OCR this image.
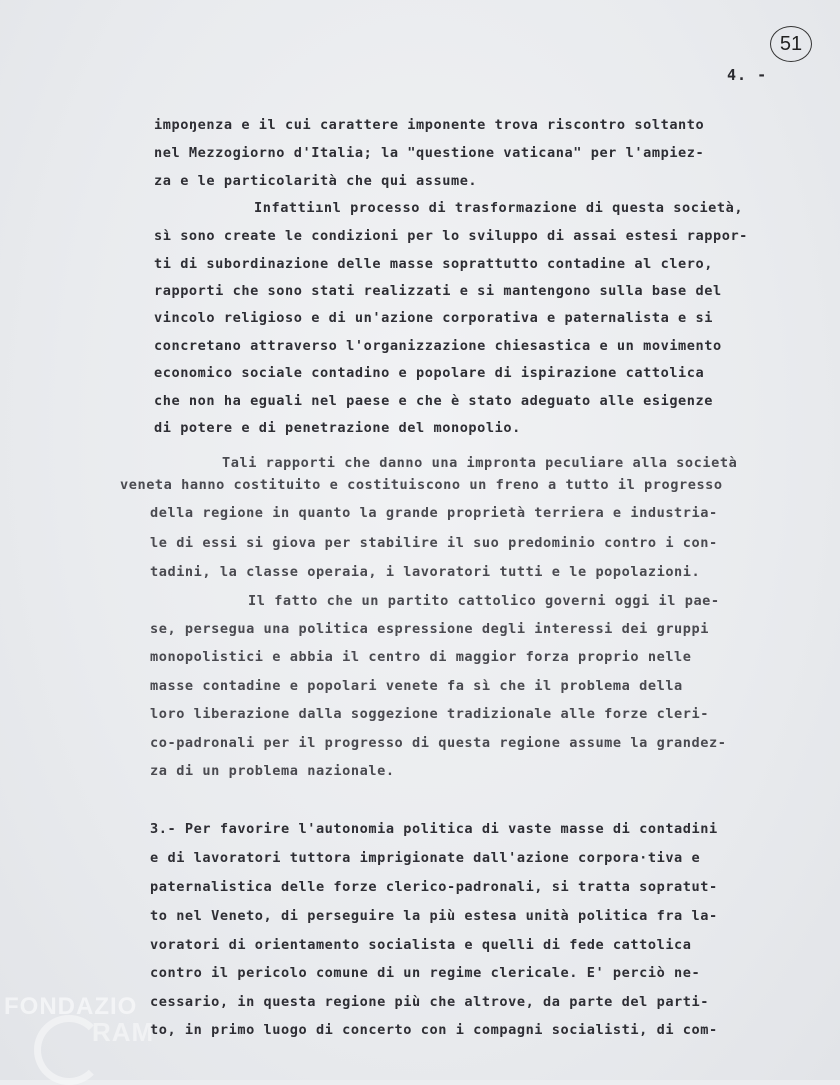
51
4. -
impoŋenza e il cui carattere imponente trova riscontro soltanto
nel Mezzogiorno d'Italia; la "questione vaticana" per l'ampiez-
za e le particolarità che qui assume.
Infattiınl processo di trasformazione di questa società,
sì sono create le condizioni per lo sviluppo di assai estesi rappor-
ti di subordinazione delle masse soprattutto contadine al clero,
rapporti che sono stati realizzati e si mantengono sulla base del
vincolo religioso e di un'azione corporativa e paternalista e si
concretano attraverso l'organizzazione chiesastica e un movimento
economico sociale contadino e popolare di ispirazione cattolica
che non ha eguali nel paese e che è stato adeguato alle esigenze
di potere e di penetrazione del monopolio.
Tali rapporti che danno una impronta peculiare alla società
veneta hanno costituito e costituiscono un freno a tutto il progresso
della regione in quanto la grande proprietà terriera e industria-
le di essi si giova per stabilire il suo predominio contro i con-
tadini, la classe operaia, i lavoratori tutti e le popolazioni.
Il fatto che un partito cattolico governi oggi il pae-
se, persegua una politica espressione degli interessi dei gruppi
monopolistici e abbia il centro di maggior forza proprio nelle
masse contadine e popolari venete fa sì che il problema della
loro liberazione dalla soggezione tradizionale alle forze cleri-
co-padronali per il progresso di questa regione assume la grandez-
za di un problema nazionale.
3.- Per favorire l'autonomia politica di vaste masse di contadini
e di lavoratori tuttora imprigionate dall'azione corpora·tiva e
paternalistica delle forze clerico-padronali, si tratta sopratut-
to nel Veneto, di perseguire la più estesa unità politica fra la-
voratori di orientamento socialista e quelli di fede cattolica
contro il pericolo comune di un regime clericale. E' perciò ne-
cessario, in questa regione più che altrove, da parte del parti-
to, in primo luogo di concerto con i compagni socialisti, di com-
FONDAZIO
RAM
